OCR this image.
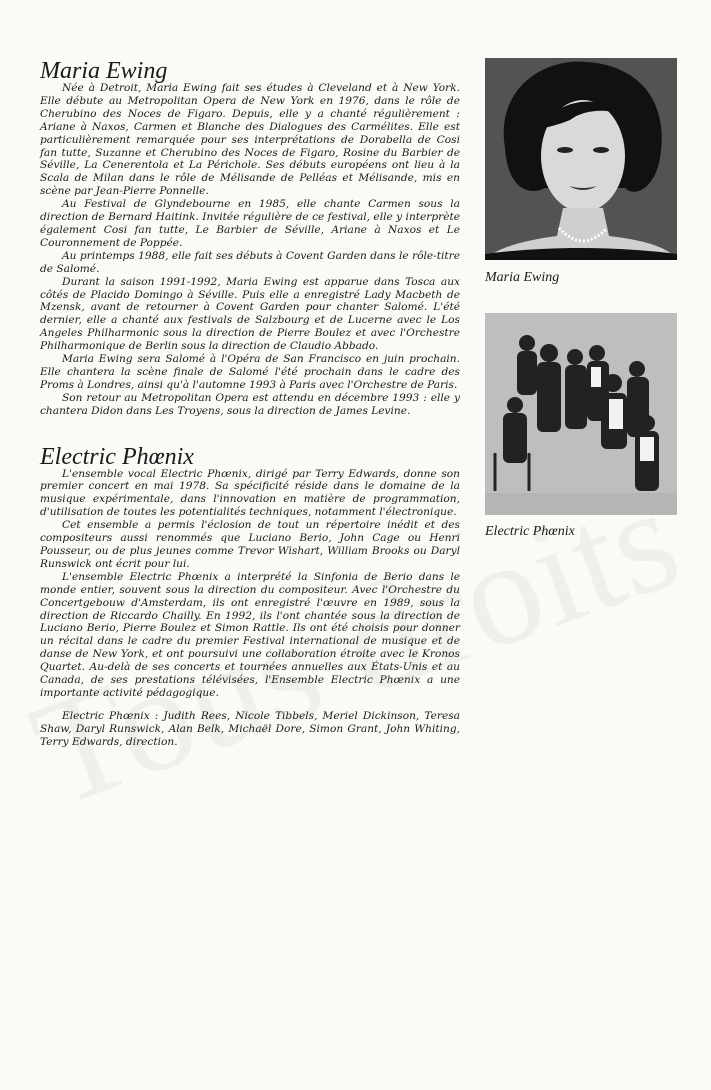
Maria Ewing

Née à Detroit, Maria Ewing fait ses études à Cleveland et à New York. Elle débute au Metropolitan Opera de New York en 1976, dans le rôle de Cherubino des Noces de Figaro. Depuis, elle y a chanté régulièrement : Ariane à Naxos, Carmen et Blanche des Dialogues des Carmélites. Elle est particulièrement remarquée pour ses interprétations de Dorabella de Cosi fan tutte, Suzanne et Cherubino des Noces de Figaro, Rosine du Barbier de Séville, La Cenerentola et La Périchole. Ses débuts européens ont lieu à la Scala de Milan dans le rôle de Mélisande de Pelléas et Mélisande, mis en scène par Jean-Pierre Ponnelle.

Au Festival de Glyndebourne en 1985, elle chante Carmen sous la direction de Bernard Haitink. Invitée régulière de ce festival, elle y interprète également Cosi fan tutte, Le Barbier de Séville, Ariane à Naxos et Le Couronnement de Poppée.

Au printemps 1988, elle fait ses débuts à Covent Garden dans le rôle-titre de Salomé.

Durant la saison 1991-1992, Maria Ewing est apparue dans Tosca aux côtés de Placido Domingo à Séville. Puis elle a enregistré Lady Macbeth de Mzensk, avant de retourner à Covent Garden pour chanter Salomé. L'été dernier, elle a chanté aux festivals de Salzbourg et de Lucerne avec le Los Angeles Philharmonic sous la direction de Pierre Boulez et avec l'Orchestre Philharmonique de Berlin sous la direction de Claudio Abbado.

Maria Ewing sera Salomé à l'Opéra de San Francisco en juin prochain. Elle chantera la scène finale de Salomé l'été prochain dans le cadre des Proms à Londres, ainsi qu'à l'automne 1993 à Paris avec l'Orchestre de Paris.

Son retour au Metropolitan Opera est attendu en décembre 1993 : elle y chantera Didon dans Les Troyens, sous la direction de James Levine.

Electric Phœnix

L'ensemble vocal Electric Phœnix, dirigé par Terry Edwards, donne son premier concert en mai 1978. Sa spécificité réside dans le domaine de la musique expérimentale, dans l'innovation en matière de programmation, d'utilisation de toutes les potentialités techniques, notamment l'électronique.

Cet ensemble a permis l'éclosion de tout un répertoire inédit et des compositeurs aussi renommés que Luciano Berio, John Cage ou Henri Pousseur, ou de plus jeunes comme Trevor Wishart, William Brooks ou Daryl Runswick ont écrit pour lui.

L'ensemble Electric Phœnix a interprété la Sinfonia de Berio dans le monde entier, souvent sous la direction du compositeur. Avec l'Orchestre du Concertgebouw d'Amsterdam, ils ont enregistré l'œuvre en 1989, sous la direction de Riccardo Chailly. En 1992, ils l'ont chantée sous la direction de Luciano Berio, Pierre Boulez et Simon Rattle. Ils ont été choisis pour donner un récital dans le cadre du premier Festival international de musique et de danse de New York, et ont poursuivi une collaboration étroite avec le Kronos Quartet. Au-delà de ses concerts et tournées annuelles aux États-Unis et au Canada, de ses prestations télévisées, l'Ensemble Electric Phœnix a une importante activité pédagogique.

Electric Phœnix : Judith Rees, Nicole Tibbels, Meriel Dickinson, Teresa Shaw, Daryl Runswick, Alan Belk, Michaël Dore, Simon Grant, John Whiting, Terry Edwards, direction.

Maria Ewing
Electric Phœnix
